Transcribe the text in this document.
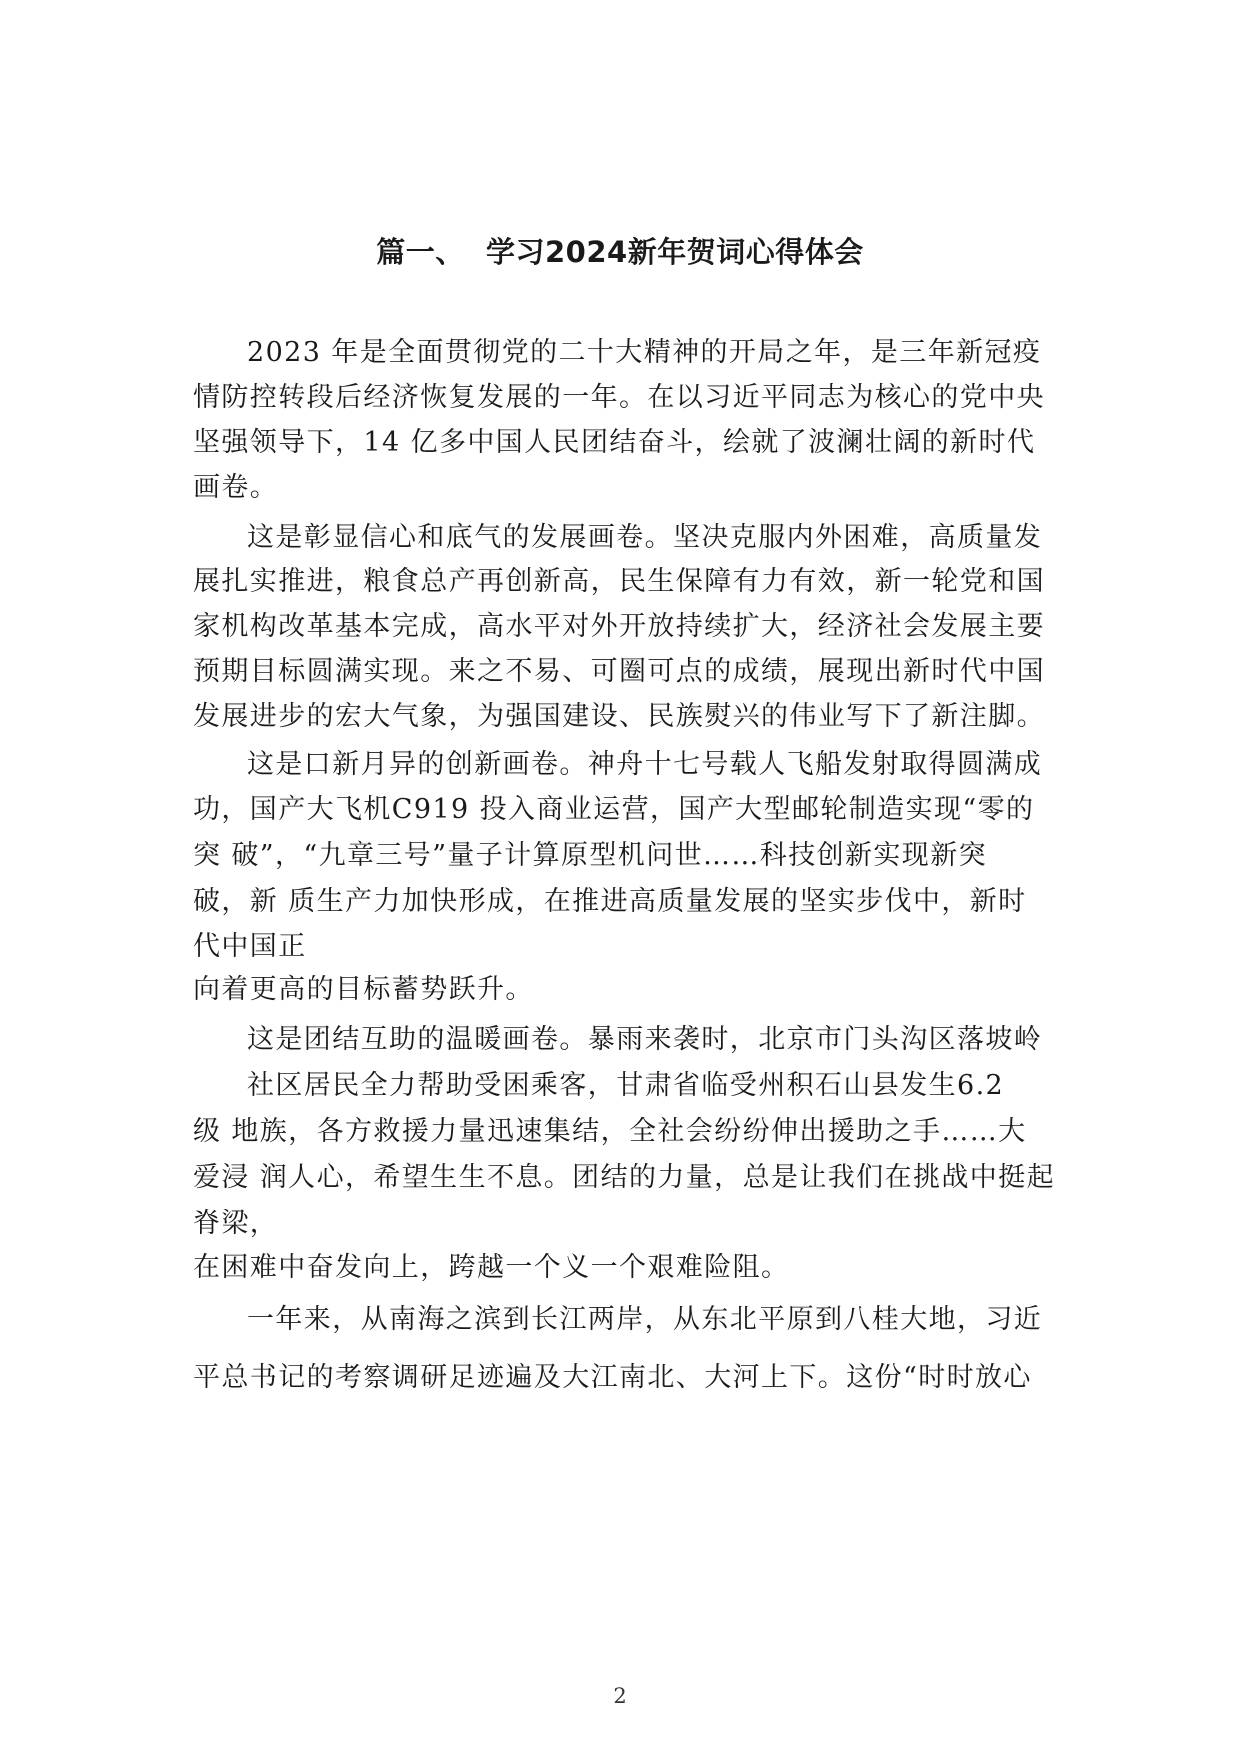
篇一、  学习2024新年贺词心得体会
2023 年是全面贯彻党的二十大精神的开局之年，是三年新冠疫
情防控转段后经济恢复发展的一年。在以习近平同志为核心的党中央
坚强领导下，14 亿多中国人民团结奋斗，绘就了波澜壮阔的新时代
画卷。
这是彰显信心和底气的发展画卷。坚决克服内外困难，高质量发
展扎实推进，粮食总产再创新高，民生保障有力有效，新一轮党和国
家机构改革基本完成，高水平对外开放持续扩大，经济社会发展主要
预期目标圆满实现。来之不易、可圈可点的成绩，展现出新时代中国
发展进步的宏大气象，为强国建设、民族熨兴的伟业写下了新注脚。
这是口新月异的创新画卷。神舟十七号载人飞船发射取得圆满成
功，国产大飞机C919 投入商业运营，国产大型邮轮制造实现“零的
突 破”，“九章三号”量子计算原型机问世……科技创新实现新突
破，新 质生产力加快形成，在推进高质量发展的坚实步伐中，新时
代中国正
向着更高的目标蓄势跃升。
这是团结互助的温暖画卷。暴雨来袭时，北京市门头沟区落坡岭
社区居民全力帮助受困乘客，甘肃省临受州积石山县发生6.2
级 地族，各方救援力量迅速集结，全社会纷纷伸出援助之手……大
爱浸 润人心，希望生生不息。团结的力量，总是让我们在挑战中挺起
脊梁，
在困难中奋发向上，跨越一个义一个艰难险阻。
一年来，从南海之滨到长江两岸，从东北平原到八桂大地，习近
平总书记的考察调研足迹遍及大江南北、大河上下。这份“时时放心
2
